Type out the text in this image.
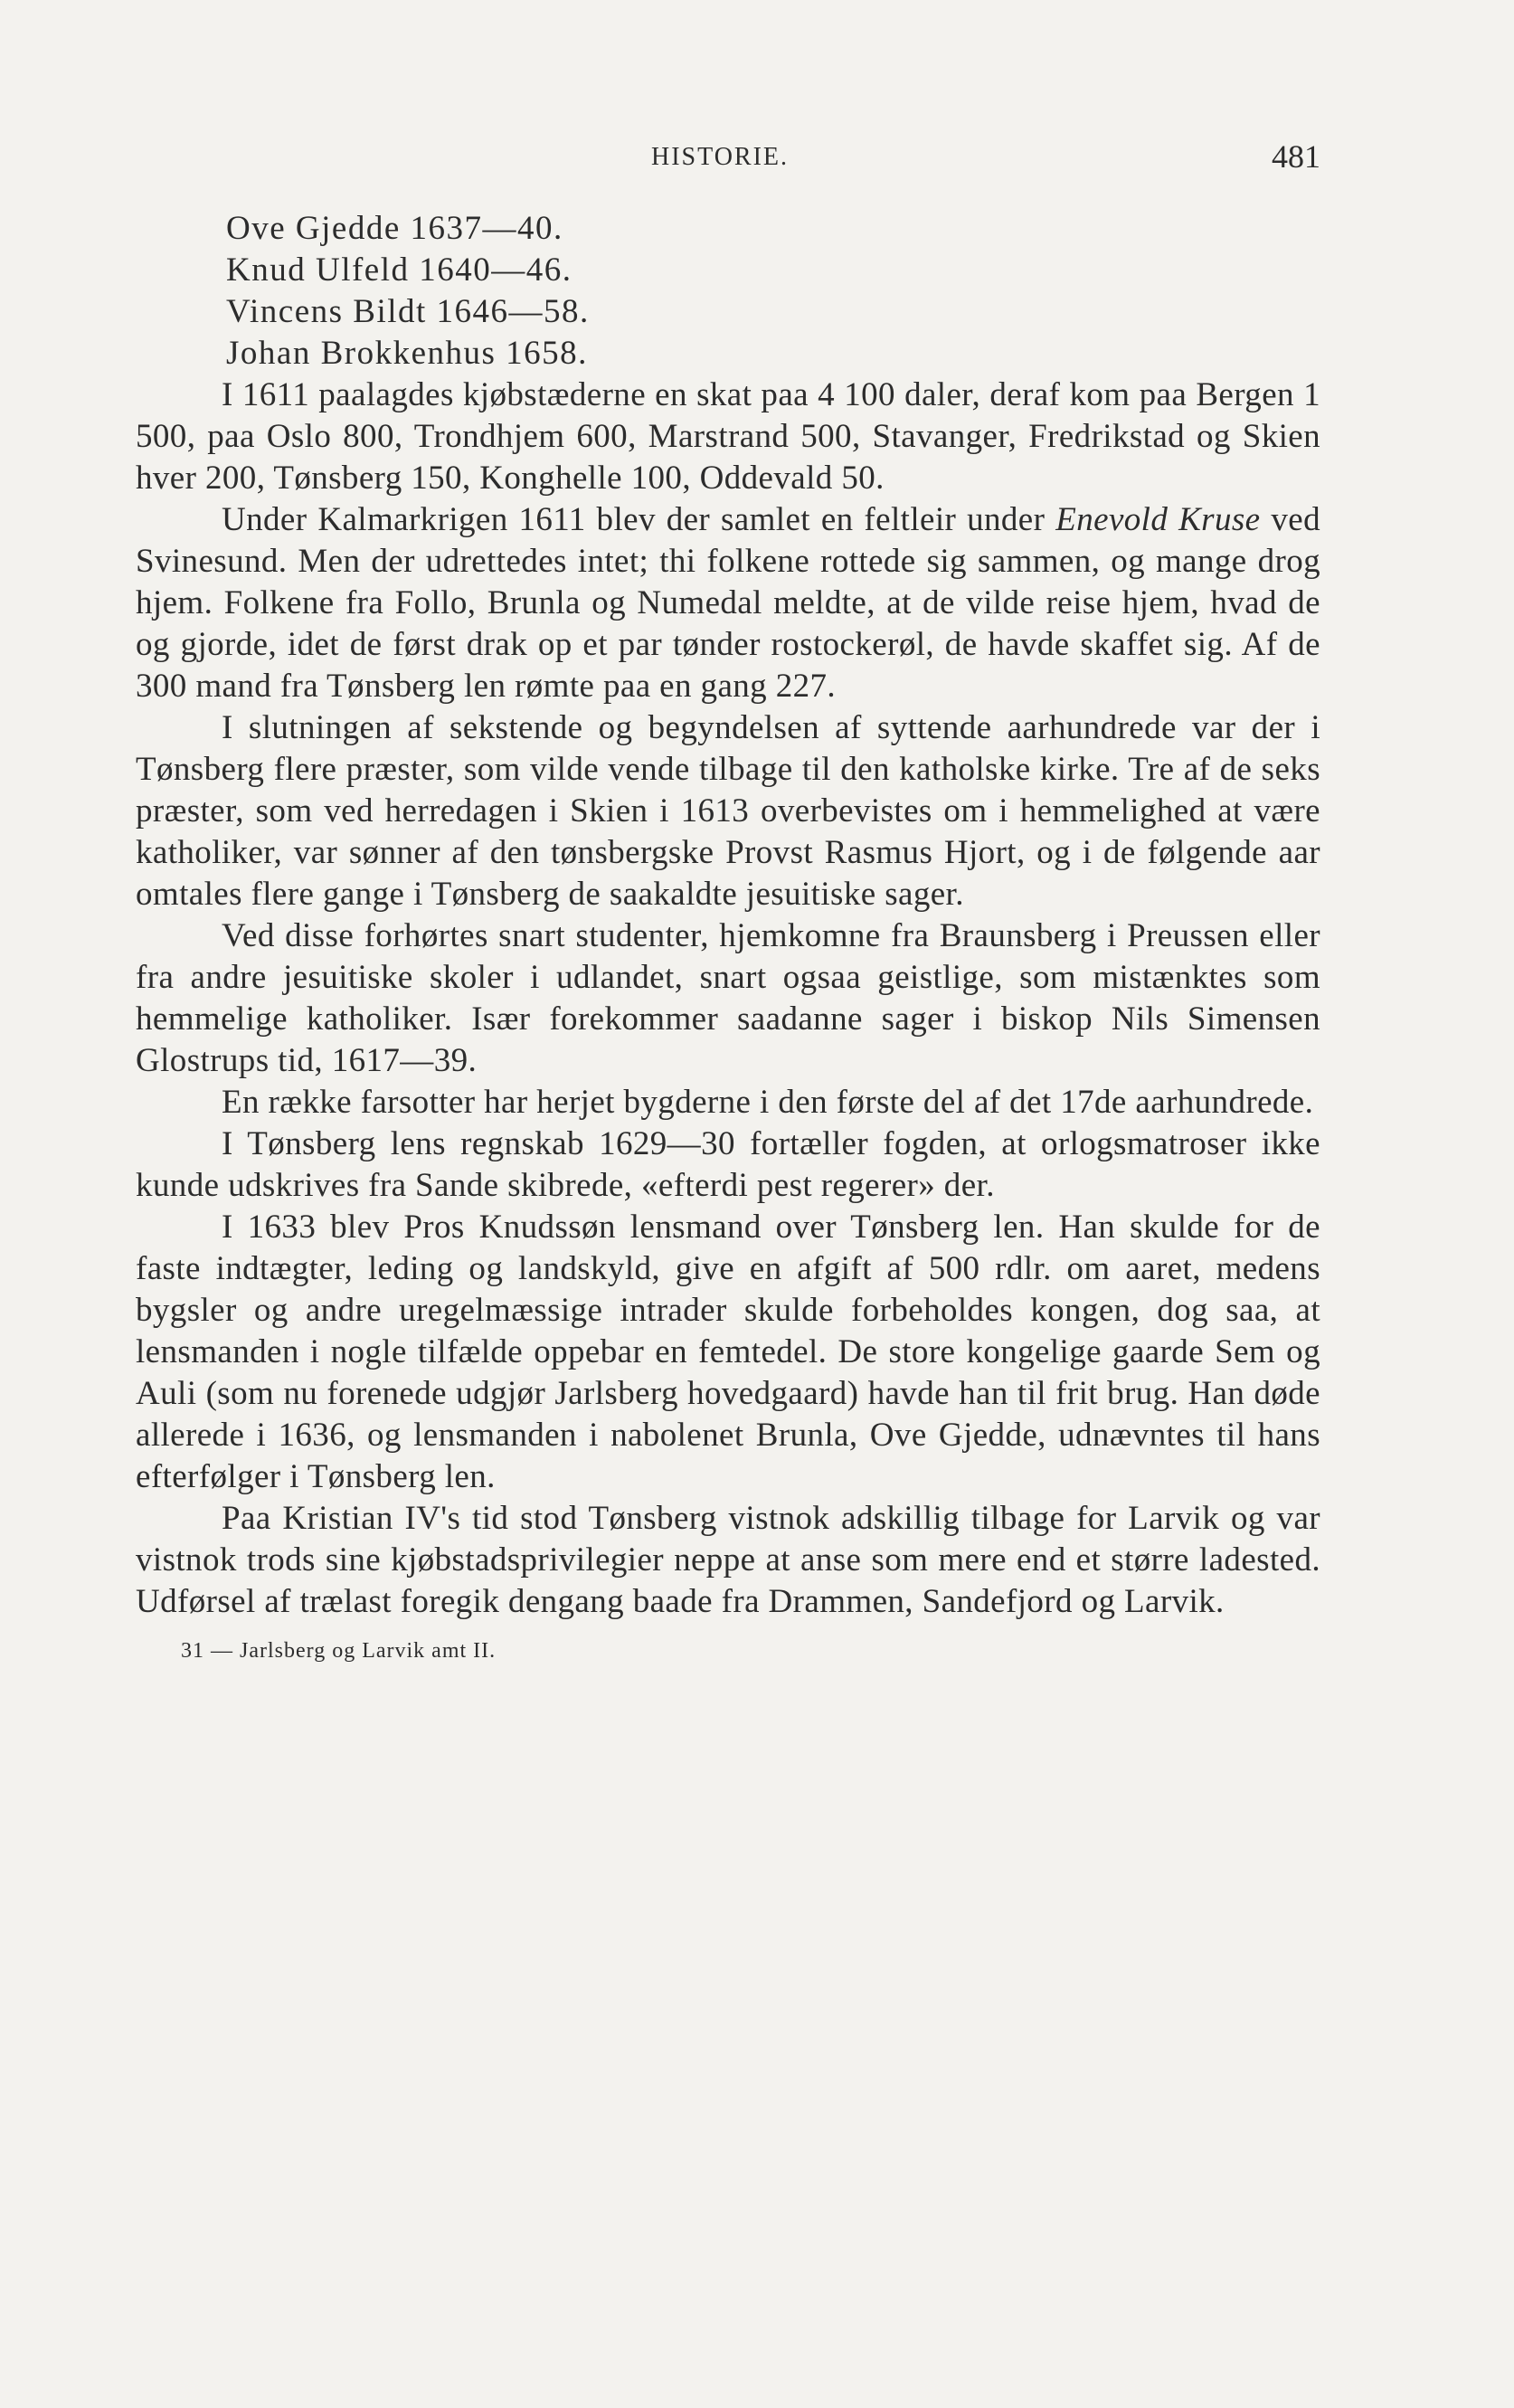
HISTORIE.	481
Ove Gjedde 1637—40.
Knud Ulfeld 1640—46.
Vincens Bildt 1646—58.
Johan Brokkenhus 1658.

I 1611 paalagdes kjøbstæderne en skat paa 4 100 daler, deraf kom paa Bergen 1 500, paa Oslo 800, Trondhjem 600, Marstrand 500, Stavanger, Fredrikstad og Skien hver 200, Tønsberg 150, Konghelle 100, Oddevald 50.

Under Kalmarkrigen 1611 blev der samlet en feltleir under Enevold Kruse ved Svinesund. Men der udrettedes intet; thi folkene rottede sig sammen, og mange drog hjem. Folkene fra Follo, Brunla og Numedal meldte, at de vilde reise hjem, hvad de og gjorde, idet de først drak op et par tønder rostockerøl, de havde skaffet sig. Af de 300 mand fra Tønsberg len rømte paa en gang 227.

I slutningen af sekstende og begyndelsen af syttende aarhundrede var der i Tønsberg flere præster, som vilde vende tilbage til den katholske kirke. Tre af de seks præster, som ved herredagen i Skien i 1613 overbevistes om i hemmelighed at være katholiker, var sønner af den tønsbergske Provst Rasmus Hjort, og i de følgende aar omtales flere gange i Tønsberg de saakaldte jesuitiske sager.

Ved disse forhørtes snart studenter, hjemkomne fra Braunsberg i Preussen eller fra andre jesuitiske skoler i udlandet, snart ogsaa geistlige, som mistænktes som hemmelige katholiker. Især forekommer saadanne sager i biskop Nils Simensen Glostrups tid, 1617—39.

En række farsotter har herjet bygderne i den første del af det 17de aarhundrede.

I Tønsberg lens regnskab 1629—30 fortæller fogden, at orlogsmatroser ikke kunde udskrives fra Sande skibrede, «efterdi pest regerer» der.

I 1633 blev Pros Knudssøn lensmand over Tønsberg len. Han skulde for de faste indtægter, leding og landskyld, give en afgift af 500 rdlr. om aaret, medens bygsler og andre uregelmæssige intrader skulde forbeholdes kongen, dog saa, at lensmanden i nogle tilfælde oppebar en femtedel. De store kongelige gaarde Sem og Auli (som nu forenede udgjør Jarlsberg hovedgaard) havde han til frit brug. Han døde allerede i 1636, og lensmanden i nabolenet Brunla, Ove Gjedde, udnævntes til hans efterfølger i Tønsberg len.

Paa Kristian IV's tid stod Tønsberg vistnok adskillig tilbage for Larvik og var vistnok trods sine kjøbstadsprivilegier neppe at anse som mere end et større ladested. Udførsel af trælast foregik dengang baade fra Drammen, Sandefjord og Larvik.

31 — Jarlsberg og Larvik amt II.
